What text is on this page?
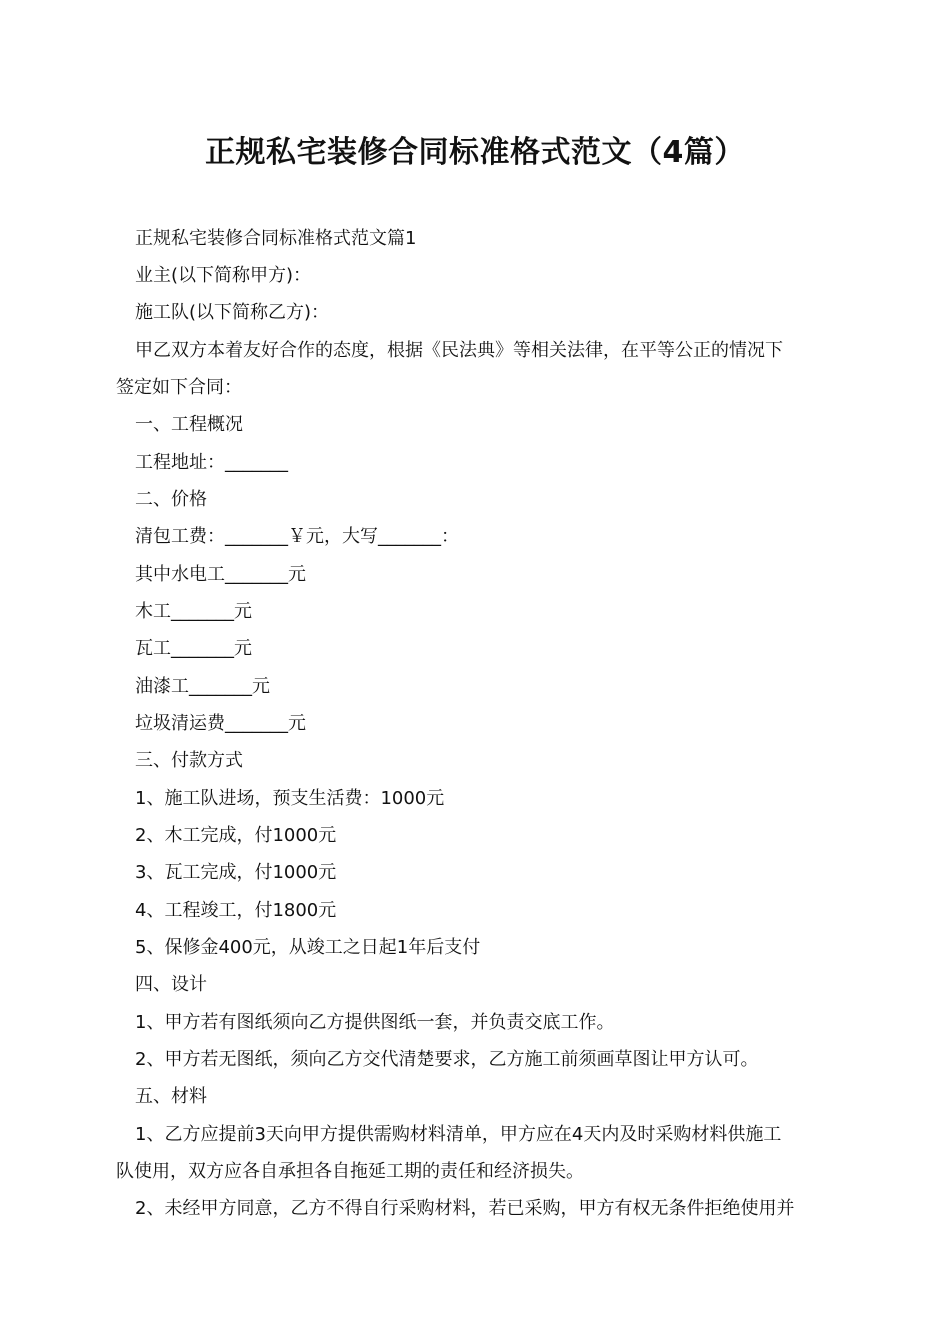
正规私宅装修合同标准格式范文（4篇）

正规私宅装修合同标准格式范文篇1

业主(以下简称甲方)：

施工队(以下简称乙方)：

甲乙双方本着友好合作的态度，根据《民法典》等相关法律，在平等公正的情况下

签定如下合同：

一、工程概况

工程地址：_______

二、价格

清包工费：_______￥元，大写_______：

其中水电工_______元

木工_______元

瓦工_______元

油漆工_______元

垃圾清运费_______元

三、付款方式

1、施工队进场，预支生活费：1000元

2、木工完成，付1000元

3、瓦工完成，付1000元

4、工程竣工，付1800元

5、保修金400元，从竣工之日起1年后支付

四、设计

1、甲方若有图纸须向乙方提供图纸一套，并负责交底工作。

2、甲方若无图纸，须向乙方交代清楚要求，乙方施工前须画草图让甲方认可。

五、材料

1、乙方应提前3天向甲方提供需购材料清单，甲方应在4天内及时采购材料供施工

队使用，双方应各自承担各自拖延工期的责任和经济损失。

2、未经甲方同意，乙方不得自行采购材料，若已采购，甲方有权无条件拒绝使用并
